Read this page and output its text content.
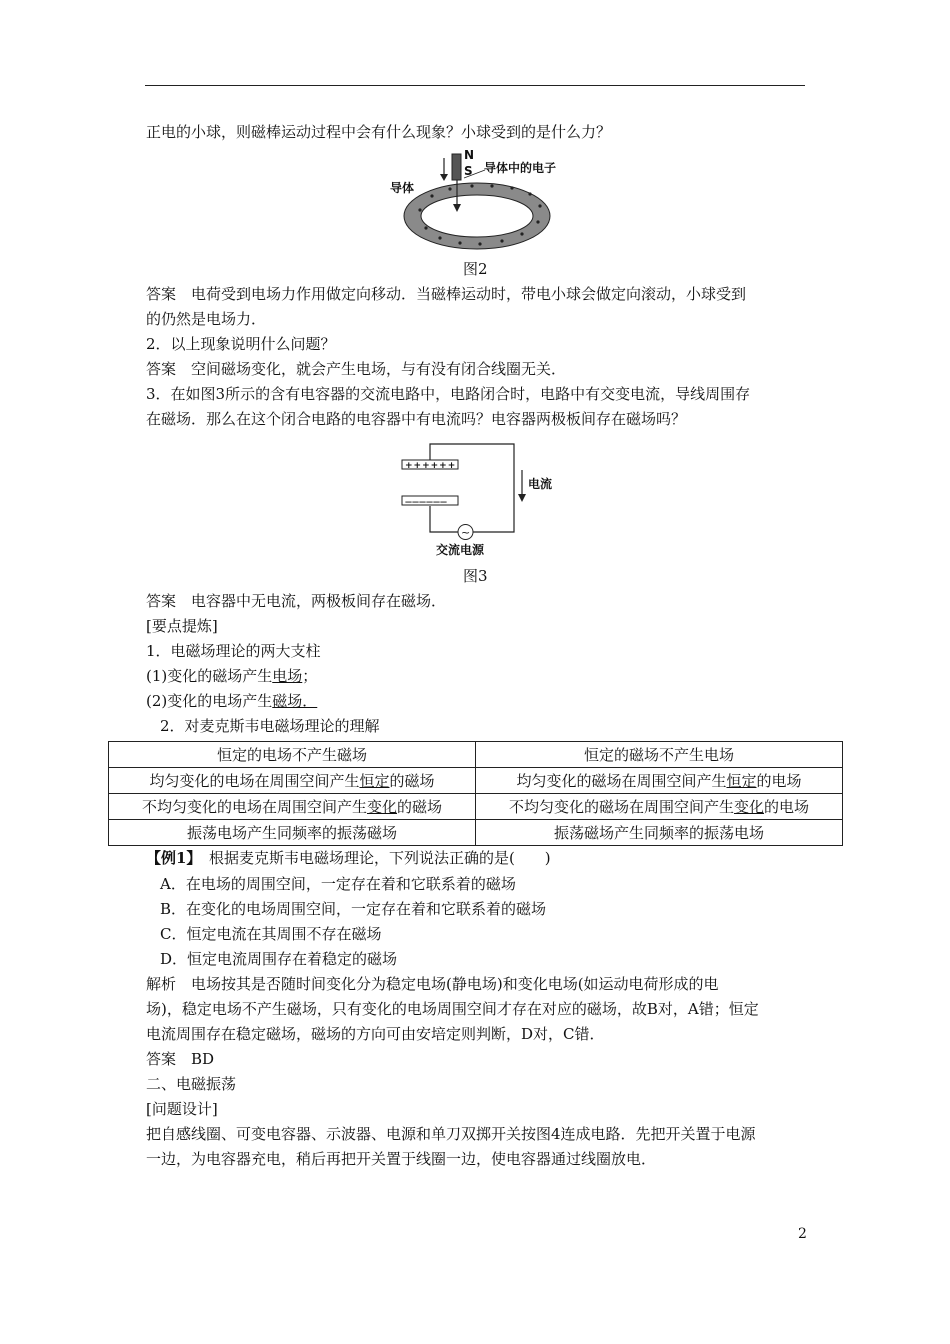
正电的小球，则磁棒运动过程中会有什么现象？小球受到的是什么力？
N
S 导体中的电子
导体
图2
答案　电荷受到电场力作用做定向移动．当磁棒运动时，带电小球会做定向滚动，小球受到
的仍然是电场力．
2．以上现象说明什么问题？
答案　空间磁场变化，就会产生电场，与有没有闭合线圈无关．
3．在如图3所示的含有电容器的交流电路中，电路闭合时，电路中有交变电流，导线周围存
在磁场．那么在这个闭合电路的电容器中有电流吗？电容器两极板间存在磁场吗？
++++++
——————
~
电流
交流电源
图3
答案　电容器中无电流，两极板间存在磁场．
[要点提炼]
1．电磁场理论的两大支柱
(1)变化的磁场产生电场；
(2)变化的电场产生磁场．
2．对麦克斯韦电磁场理论的理解
恒定的电场不产生磁场	恒定的磁场不产生电场
均匀变化的电场在周围空间产生恒定的磁场	均匀变化的磁场在周围空间产生恒定的电场
不均匀变化的电场在周围空间产生变化的磁场	不均匀变化的磁场在周围空间产生变化的电场
振荡电场产生同频率的振荡磁场	振荡磁场产生同频率的振荡电场
【例1】　根据麦克斯韦电磁场理论，下列说法正确的是(　　)
A．在电场的周围空间，一定存在着和它联系着的磁场
B．在变化的电场周围空间，一定存在着和它联系着的磁场
C．恒定电流在其周围不存在磁场
D．恒定电流周围存在着稳定的磁场
解析　电场按其是否随时间变化分为稳定电场(静电场)和变化电场(如运动电荷形成的电
场)，稳定电场不产生磁场，只有变化的电场周围空间才存在对应的磁场，故B对，A错；恒定
电流周围存在稳定磁场，磁场的方向可由安培定则判断，D对，C错．
答案　BD
二、电磁振荡
[问题设计]
把自感线圈、可变电容器、示波器、电源和单刀双掷开关按图4连成电路．先把开关置于电源
一边，为电容器充电，稍后再把开关置于线圈一边，使电容器通过线圈放电．
2
